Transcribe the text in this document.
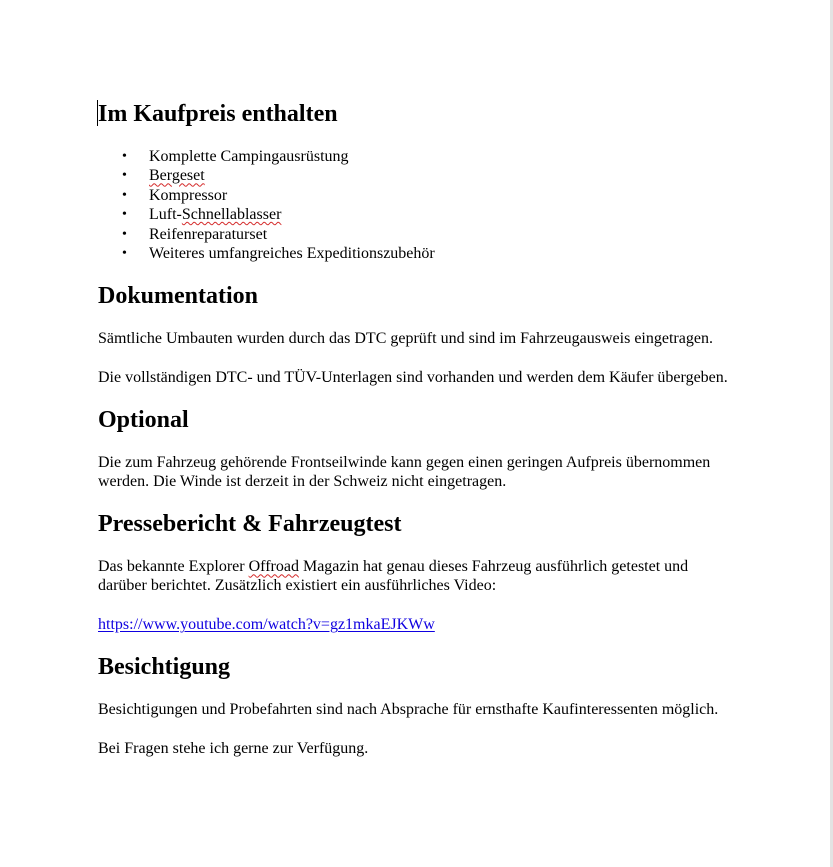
Im Kaufpreis enthalten
• Komplette Campingausrüstung
• Bergeset
• Kompressor
• Luft-Schnellablasser
• Reifenreparaturset
• Weiteres umfangreiches Expeditionszubehör
Dokumentation

Sämtliche Umbauten wurden durch das DTC geprüft und sind im Fahrzeugausweis eingetragen.

Die vollständigen DTC- und TÜV-Unterlagen sind vorhanden und werden dem Käufer übergeben.

Optional

Die zum Fahrzeug gehörende Frontseilwinde kann gegen einen geringen Aufpreis übernommen werden. Die Winde ist derzeit in der Schweiz nicht eingetragen.

Pressebericht & Fahrzeugtest

Das bekannte Explorer Offroad Magazin hat genau dieses Fahrzeug ausführlich getestet und darüber berichtet. Zusätzlich existiert ein ausführliches Video:

https://www.youtube.com/watch?v=gz1mkaEJKWw

Besichtigung

Besichtigungen und Probefahrten sind nach Absprache für ernsthafte Kaufinteressenten möglich.

Bei Fragen stehe ich gerne zur Verfügung.
